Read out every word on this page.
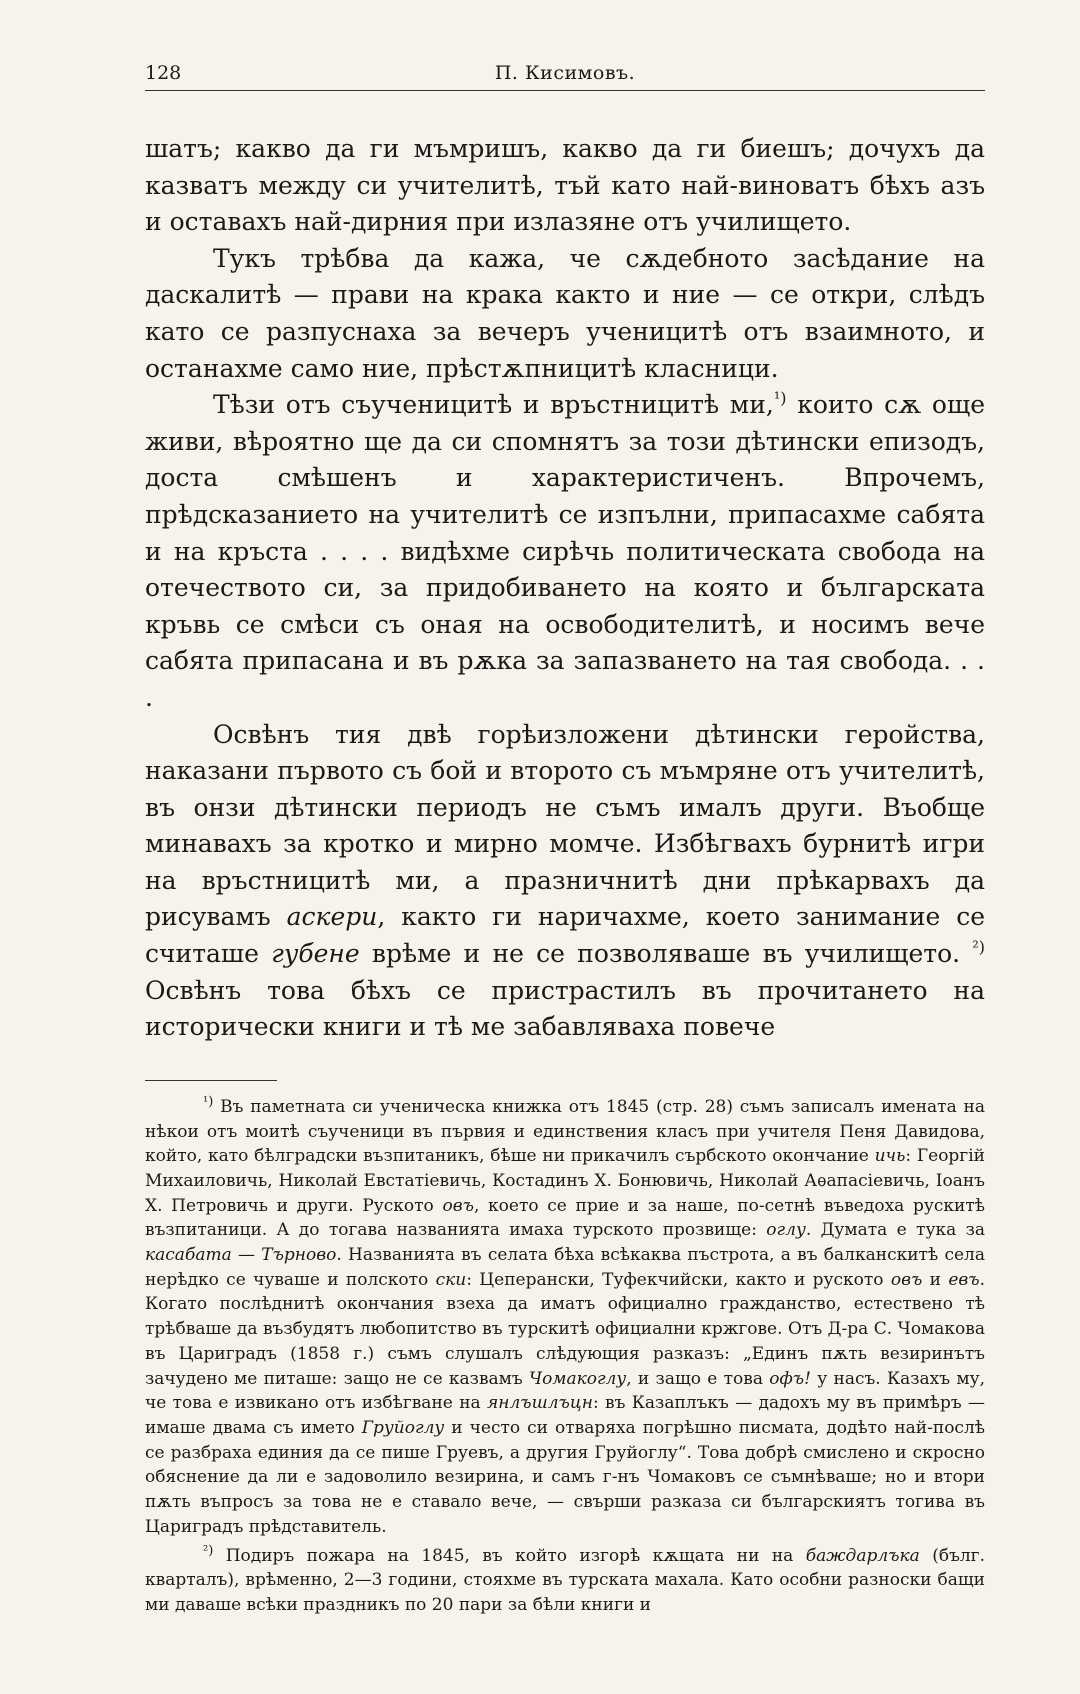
128	П. Кисимовъ.

шатъ; какво да ги мъмришъ, какво да ги биешъ; дочухъ да казватъ между си учителитѣ, тъй като най-виноватъ бѣхъ азъ и оставахъ най-дирния при излазяне отъ училището.

Тукъ трѣбва да кажа, че сѫдебното засѣдание на даскалитѣ — прави на крака както и ние — се откри, слѣдъ като се разпуснаха за вечеръ ученицитѣ отъ взаимното, и останахме само ние, прѣстѫпницитѣ класници.

Тѣзи отъ съученицитѣ и връстницитѣ ми,$^{^1)}$ които сѫ още живи, вѣроятно ще да си спомнятъ за този дѣтински епизодъ, доста смѣшенъ и характеристиченъ. Впрочемъ, прѣдсказанието на учителитѣ се изпълни, припасахме сабята и на кръста . . . . видѣхме сирѣчь политическата свобода на отечеството си, за придобиването на която и българската кръвь се смѣси съ оная на освободителитѣ, и носимъ вече сабята припасана и въ рѫка за запазването на тая свобода. . . .

Освѣнъ тия двѣ горѣизложени дѣтински геройства, наказани първото съ бой и второто съ мъмряне отъ учителитѣ, въ онзи дѣтински периодъ не съмъ ималъ други. Въобще минавахъ за кротко и мирно момче. Избѣгвахъ бурнитѣ игри на връстницитѣ ми, а празничнитѣ дни прѣкарвахъ да рисувамъ аскери, както ги наричахме, което занимание се считаше губене врѣме и не се позволяваше въ училището. $^{^2)}$ Освѣнъ това бѣхъ се пристрастилъ въ прочитането на исторически книги и тѣ ме забавляваха повече

$^{^1)}$ Въ паметната си ученическа книжка отъ 1845 (стр. 28) съмъ записалъ имената на нѣкои отъ моитѣ съученици въ първия и единствения класъ при учителя Пеня Давидова, който, като бѣлградски възпитаникъ, бѣше ни прикачилъ сърбското окончание ичь: Георгій Михаиловичь, Николай Евстатіевичь, Костадинъ Х. Бонювичь, Николай Аѳапасіевичь, Іоанъ Х. Петровичь и други. Руското овъ, което се прие и за наше, по-сетнѣ въведоха рускитѣ възпитаници. А до тогава названията имаха турското прозвище: оглу. Думата е тука за касабата — Търново. Названията въ селата бѣха всѣкаква пъстрота, а въ балканскитѣ села нерѣдко се чуваше и полското ски: Цеперански, Туфекчийски, както и руското овъ и евъ. Когато послѣднитѣ окончания взеха да иматъ официално гражданство, естествено тѣ трѣбваше да възбудятъ любопитство въ турскитѣ официални кржгове. Отъ Д-ра С. Чомакова въ Цариградъ (1858 г.) съмъ слушалъ слѣдующия разказъ: „Единъ пѫть везиринътъ зачудено ме питаше: защо не се казвамъ Чомакоглу, и защо е това офъ! у насъ. Казахъ му, че това е извикано отъ избѣгване на янлъшлъцн: въ Казаплъкъ — дадохъ му въ примѣръ — имаше двама съ името Груйоглу и често си отваряха погрѣшно писмата, додѣто най-послѣ се разбраха единия да се пише Груевъ, а другия Груйоглу“. Това добрѣ смислено и скросно обяснение да ли е задоволило везирина, и самъ г-нъ Чомаковъ се съмнѣваше; но и втори пѫть въпросъ за това не е ставало вече, — свърши разказа си българскиятъ тогива въ Цариградъ прѣдставитель.

$^{^2)}$ Подиръ пожара на 1845, въ който изгорѣ кѫщата ни на баждарлъка (бълг. кварталъ), врѣменно, 2—3 години, стояхме въ турската махала. Като особни разноски бащи ми даваше всѣки праздникъ по 20 пари за бѣли книги и
